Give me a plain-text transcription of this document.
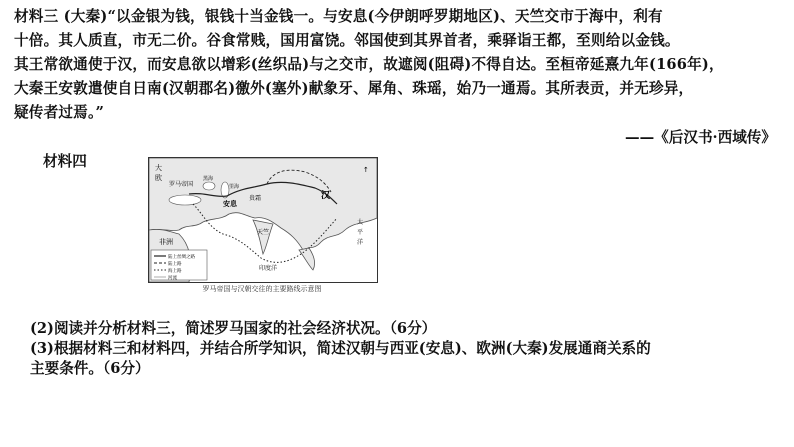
材料三 (大秦)“以金银为钱，银钱十当金钱一。与安息(今伊朗呼罗期地区)、天竺交市于海中，利有
十倍。其人质直，市无二价。谷食常贱，国用富饶。邻国使到其界首者，乘驿诣王都，至则给以金钱。
其王常欲通使于汉，而安息欲以增彩(丝织品)与之交市，故遮阅(阻碍)不得自达。至桓帝延熹九年(166年)，
大秦王安敦遣使自日南(汉朝郡名)徼外(塞外)献象牙、犀角、珠瑶，始乃一通焉。其所表贡，并无珍异，
疑传者过焉。”
——《后汉书·西域传》
材料四	大
欧
罗马帝国
安息
贵霜	汉
天竺
非洲
太
平
洋
印度洋
黑海
里海
陆上丝绸之路
陆上路
海上路
河流
↑
罗马帝国与汉朝交往的主要路线示意图
(2)阅读并分析材料三，简述罗马国家的社会经济状况。（6分）
(3)根据材料三和材料四，并结合所学知识，简述汉朝与西亚(安息)、欧洲(大秦)发展通商关系的
主要条件。（6分）
